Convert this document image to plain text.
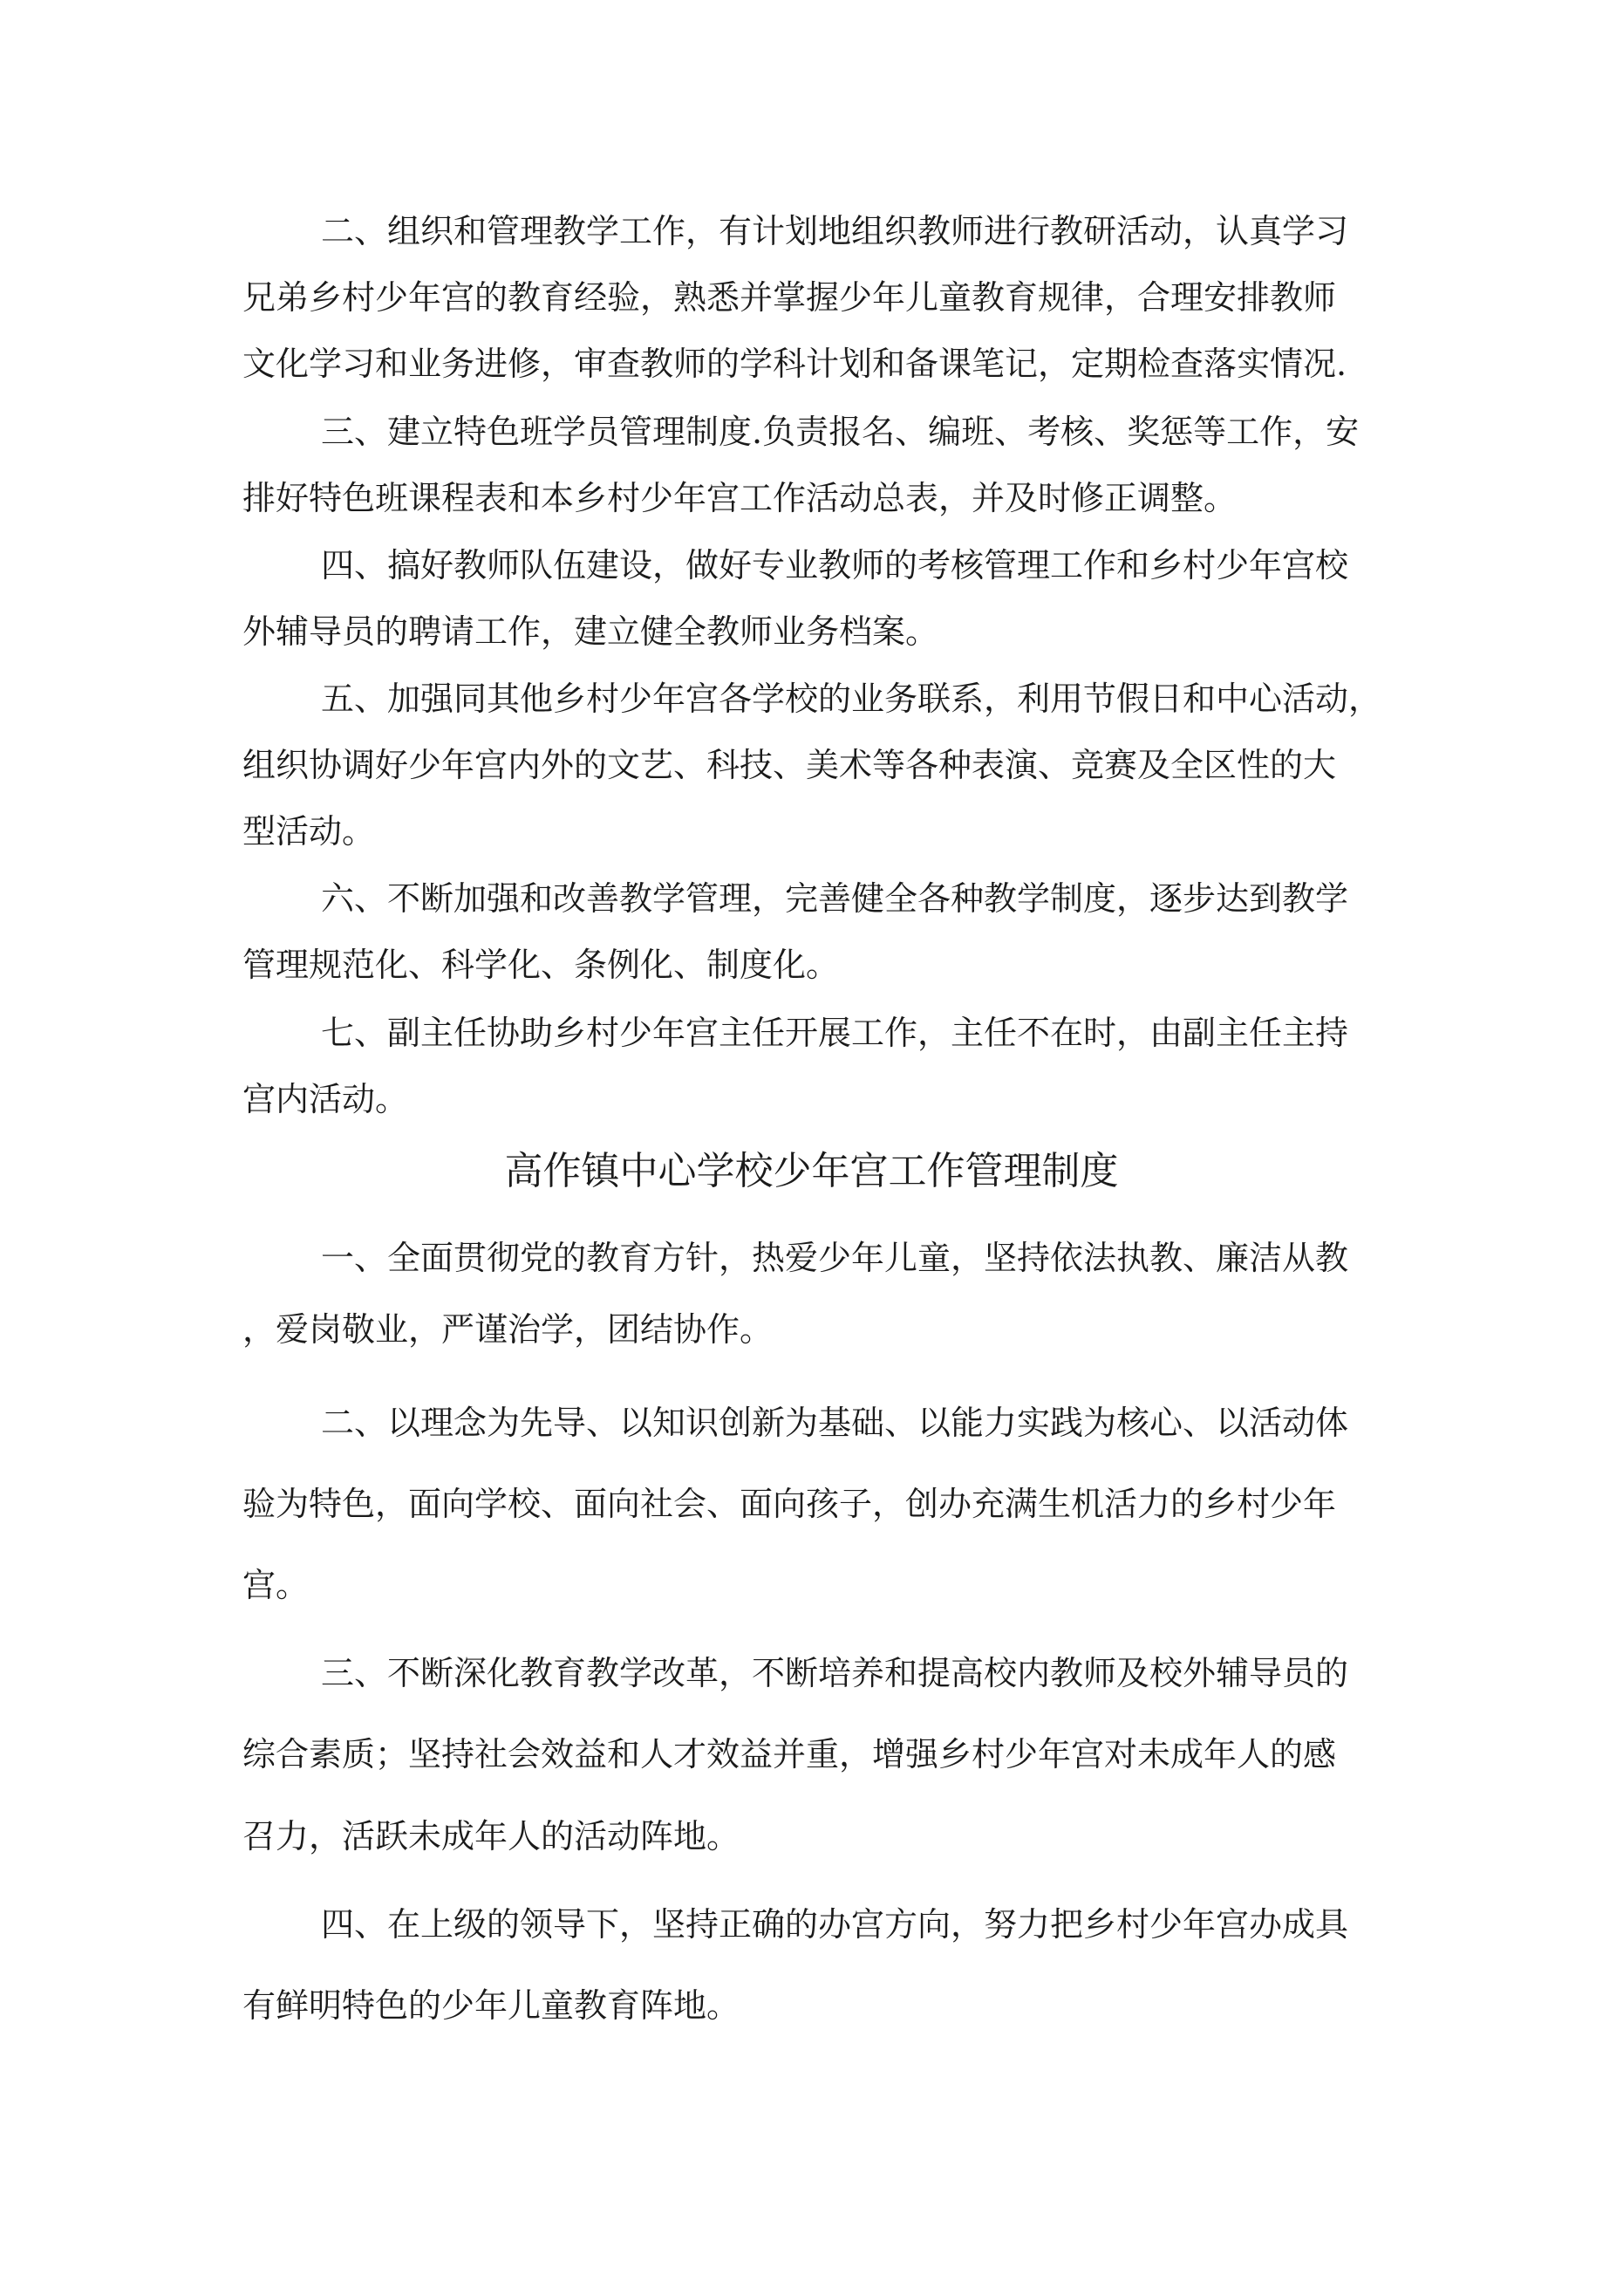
二、组织和管理教学工作，有计划地组织教师进行教研活动，认真学习
兄弟乡村少年宫的教育经验，熟悉并掌握少年儿童教育规律，合理安排教师
文化学习和业务进修，审查教师的学科计划和备课笔记，定期检查落实情况.
三、建立特色班学员管理制度.负责报名、编班、考核、奖惩等工作，安
排好特色班课程表和本乡村少年宫工作活动总表，并及时修正调整。
四、搞好教师队伍建设，做好专业教师的考核管理工作和乡村少年宫校
外辅导员的聘请工作，建立健全教师业务档案。
五、加强同其他乡村少年宫各学校的业务联系，利用节假日和中心活动，
组织协调好少年宫内外的文艺、科技、美术等各种表演、竞赛及全区性的大
型活动。
六、不断加强和改善教学管理，完善健全各种教学制度，逐步达到教学
管理规范化、科学化、条例化、制度化。
七、副主任协助乡村少年宫主任开展工作，主任不在时，由副主任主持
宫内活动。
高作镇中心学校少年宫工作管理制度
一、全面贯彻党的教育方针，热爱少年儿童，坚持依法执教、廉洁从教
，爱岗敬业，严谨治学，团结协作。
二、以理念为先导、以知识创新为基础、以能力实践为核心、以活动体
验为特色，面向学校、面向社会、面向孩子，创办充满生机活力的乡村少年
宫。
三、不断深化教育教学改革，不断培养和提高校内教师及校外辅导员的
综合素质；坚持社会效益和人才效益并重，增强乡村少年宫对未成年人的感
召力，活跃未成年人的活动阵地。
四、在上级的领导下，坚持正确的办宫方向，努力把乡村少年宫办成具
有鲜明特色的少年儿童教育阵地。
